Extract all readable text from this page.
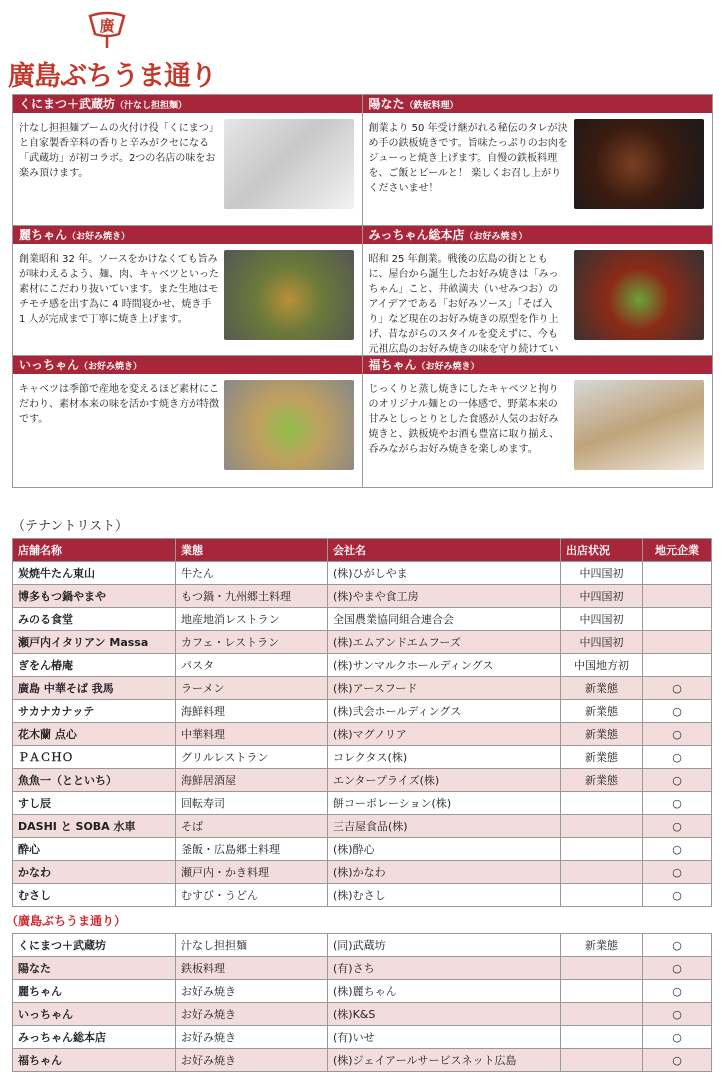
廣
廣島ぶちうま通り
くにまつ＋武蔵坊（汁なし担担麺）
汁なし担担麺ブームの火付け役「くにまつ」と自家製香辛料の香りと辛みがクセになる「武蔵坊」が初コラボ。2つの名店の味をお楽み頂けます。
陽なた（鉄板料理）
創業より 50 年受け継がれる秘伝のタレが決め手の鉄板焼きです。旨味たっぷりのお肉をジューっと焼き上げます。自慢の鉄板料理を、ご飯とビールと！ 楽しくお召し上がりくださいませ！
麗ちゃん（お好み焼き）
創業昭和 32 年。ソースをかけなくても旨みが味わえるよう、麺、肉、キャベツといった素材にこだわり抜いています。また生地はモチモチ感を出す為に 4 時間寝かせ、焼き手 1 人が完成まで丁寧に焼き上げます。
みっちゃん総本店（お好み焼き）
昭和 25 年創業。戦後の広島の街とともに、屋台から誕生したお好み焼きは「みっちゃん」こと、井畝満夫（いせみつお）のアイデアである「お好みソース」「そば入り」など現在のお好み焼きの原型を作り上げ、昔ながらのスタイルを変えずに、今も元祖広島のお好み焼きの味を守り続けてい
いっちゃん（お好み焼き）
キャベツは季節で産地を変えるほど素材にこだわり、素材本来の味を活かす焼き方が特徴です。
福ちゃん（お好み焼き）
じっくりと蒸し焼きにしたキャベツと拘りのオリジナル麺との一体感で、野菜本来の甘みとしっとりとした食感が人気のお好み焼きと、鉄板焼やお酒も豊富に取り揃え、呑みながらお好み焼きを楽しめます。
（テナントリスト）
店舗名称	業態	会社名	出店状況	地元企業
炭焼牛たん東山	牛たん	(株)ひがしやま	中四国初	
博多もつ鍋やまや	もつ鍋・九州郷土料理	(株)やまや食工房	中四国初	
みのる食堂	地産地消レストラン	全国農業協同組合連合会	中四国初	
瀬戸内イタリアン Massa	カフェ・レストラン	(株)エムアンドエムフーズ	中四国初	
ぎをん椿庵	パスタ	(株)サンマルクホールディングス	中国地方初	
廣島 中華そば 我馬	ラーメン	(株)アースフード	新業態	○
サカナカナッテ	海鮮料理	(株)弐会ホールディングス	新業態	○
花木蘭 点心	中華料理	(株)マグノリア	新業態	○
ＰＡＣＨＯ	グリルレストラン	コレクタス(株)	新業態	○
魚魚一（とといち）	海鮮居酒屋	エンタープライズ(株)	新業態	○
すし辰	回転寿司	餅コーポレーション(株)		○
DASHI と SOBA 水車	そば	三吉屋食品(株)		○
酔心	釜飯・広島郷土料理	(株)酔心		○
かなわ	瀬戸内・かき料理	(株)かなわ		○
むさし	むすび・うどん	(株)むさし		○
（廣島ぶちうま通り）
くにまつ＋武蔵坊	汁なし担担麺	(同)武蔵坊	新業態	○
陽なた	鉄板料理	(有)さち		○
麗ちゃん	お好み焼き	(株)麗ちゃん		○
いっちゃん	お好み焼き	(株)K&S		○
みっちゃん総本店	お好み焼き	(有)いせ		○
福ちゃん	お好み焼き	(株)ジェイアールサービスネット広島		○
